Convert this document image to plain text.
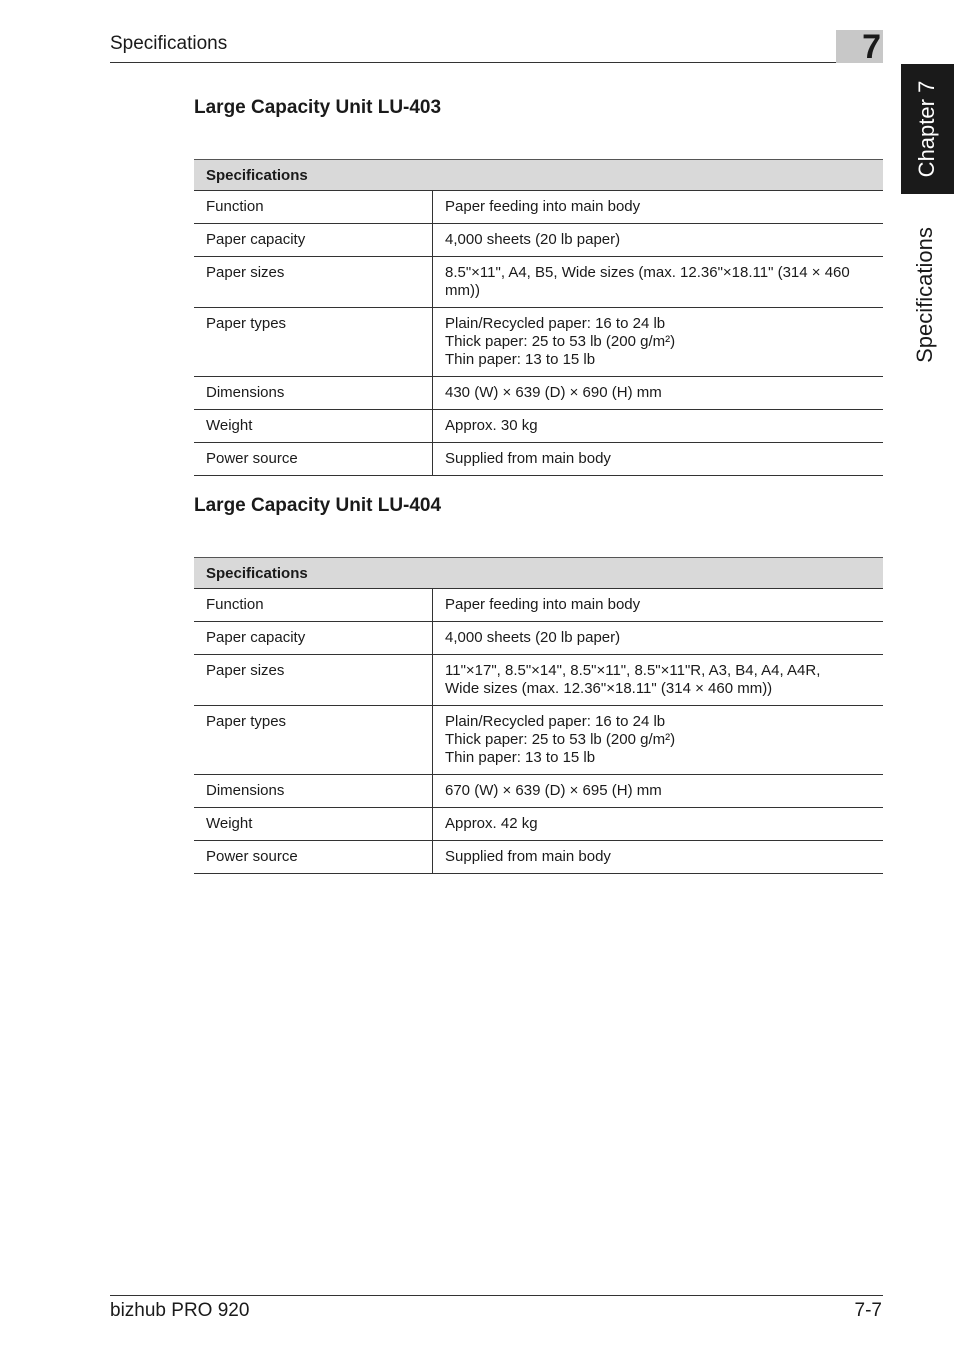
Specifications	7
Chapter 7
Specifications
Large Capacity Unit LU-403
Specifications	
Function	Paper feeding into main body

Paper capacity	4,000 sheets (20 lb paper)

Paper sizes	8.5"×11", A4, B5, Wide sizes (max. 12.36"×18.11" (314 × 460 mm))

Paper types	Plain/Recycled paper: 16 to 24 lb
Thick paper: 25 to 53 lb (200 g/m²)
Thin paper: 13 to 15 lb

Dimensions	430 (W) × 639 (D) × 690 (H) mm

Weight	Approx. 30 kg

Power source	Supplied from main body
Large Capacity Unit LU-404
Specifications	
Function	Paper feeding into main body

Paper capacity	4,000 sheets (20 lb paper)

Paper sizes	11"×17", 8.5"×14", 8.5"×11", 8.5"×11"R, A3, B4, A4, A4R,
Wide sizes (max. 12.36"×18.11" (314 × 460 mm))

Paper types	Plain/Recycled paper: 16 to 24 lb
Thick paper: 25 to 53 lb (200 g/m²)
Thin paper: 13 to 15 lb

Dimensions	670 (W) × 639 (D) × 695 (H) mm

Weight	Approx. 42 kg

Power source	Supplied from main body
bizhub PRO 920	7-7
